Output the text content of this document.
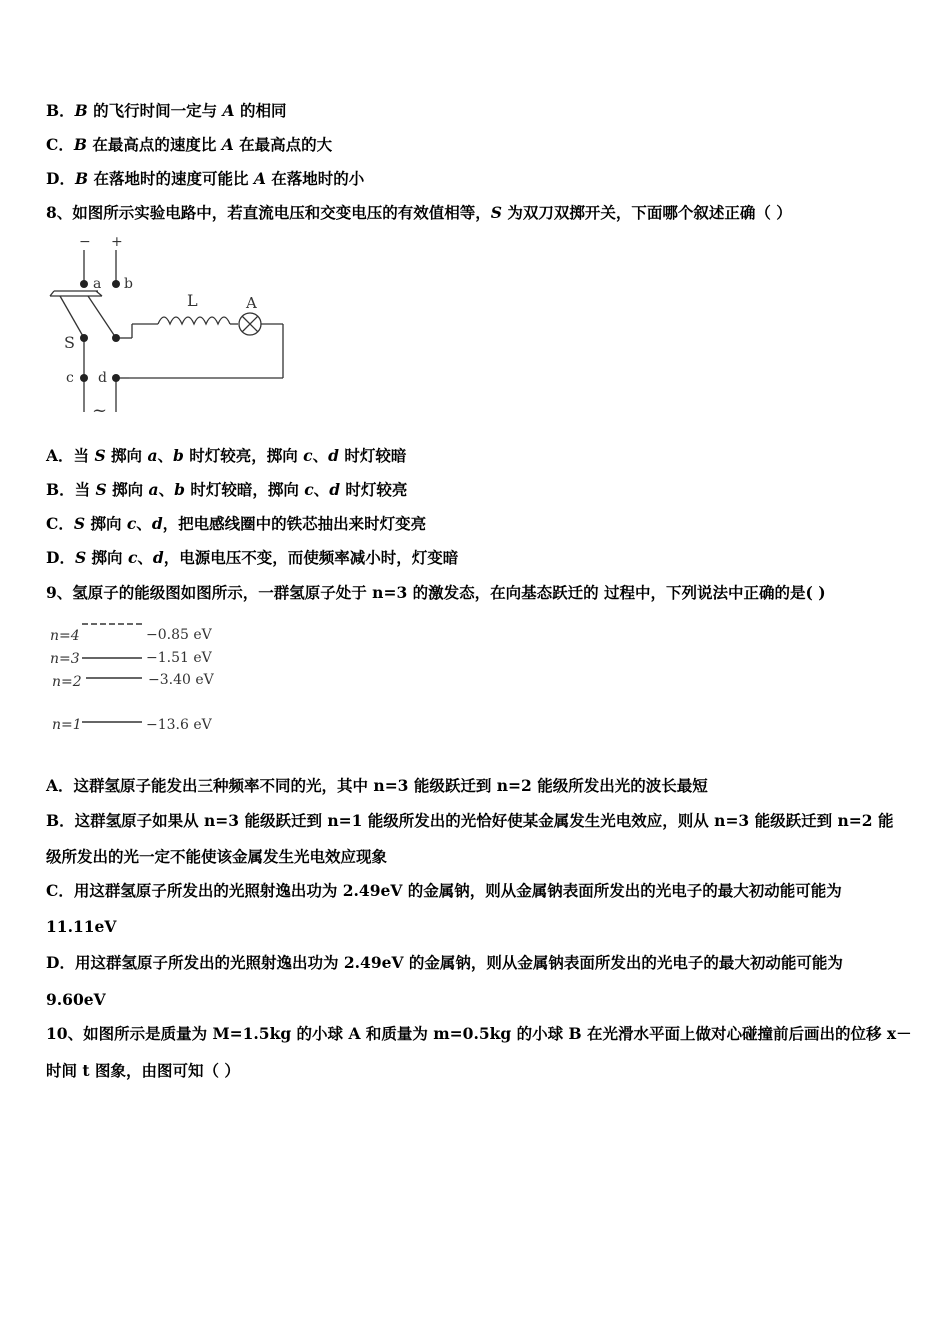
B．B 的飞行时间一定与 A 的相同
C．B 在最高点的速度比 A 在最高点的大
D．B 在落地时的速度可能比 A 在落地时的小
8、如图所示实验电路中，若直流电压和交变电压的有效值相等，S 为双刀双掷开关，下面哪个叙述正确（ ）
− +
a b
L	A
S
c d
~
A．当 S 掷向 a、b 时灯较亮，掷向 c、d 时灯较暗
B．当 S 掷向 a、b 时灯较暗，掷向 c、d 时灯较亮
C．S 掷向 c、d，把电感线圈中的铁芯抽出来时灯变亮
D．S 掷向 c、d，电源电压不变，而使频率减小时，灯变暗
9、氢原子的能级图如图所示，一群氢原子处于 n=3 的激发态，在向基态跃迁的 过程中，下列说法中正确的是( )
n=4	−0.85 eV
n=3	−1.51 eV
n=2	−3.40 eV
n=1	−13.6 eV
A．这群氢原子能发出三种频率不同的光，其中 n=3 能级跃迁到 n=2 能级所发出光的波长最短
B．这群氢原子如果从 n=3 能级跃迁到 n=1 能级所发出的光恰好使某金属发生光电效应，则从 n=3 能级跃迁到 n=2 能
级所发出的光一定不能使该金属发生光电效应现象
C．用这群氢原子所发出的光照射逸出功为 2.49eV 的金属钠，则从金属钠表面所发出的光电子的最大初动能可能为
11.11eV
D．用这群氢原子所发出的光照射逸出功为 2.49eV 的金属钠，则从金属钠表面所发出的光电子的最大初动能可能为
9.60eV
10、如图所示是质量为 M=1.5kg 的小球 A 和质量为 m=0.5kg 的小球 B 在光滑水平面上做对心碰撞前后画出的位移 x－
时间 t 图象，由图可知（ ）
